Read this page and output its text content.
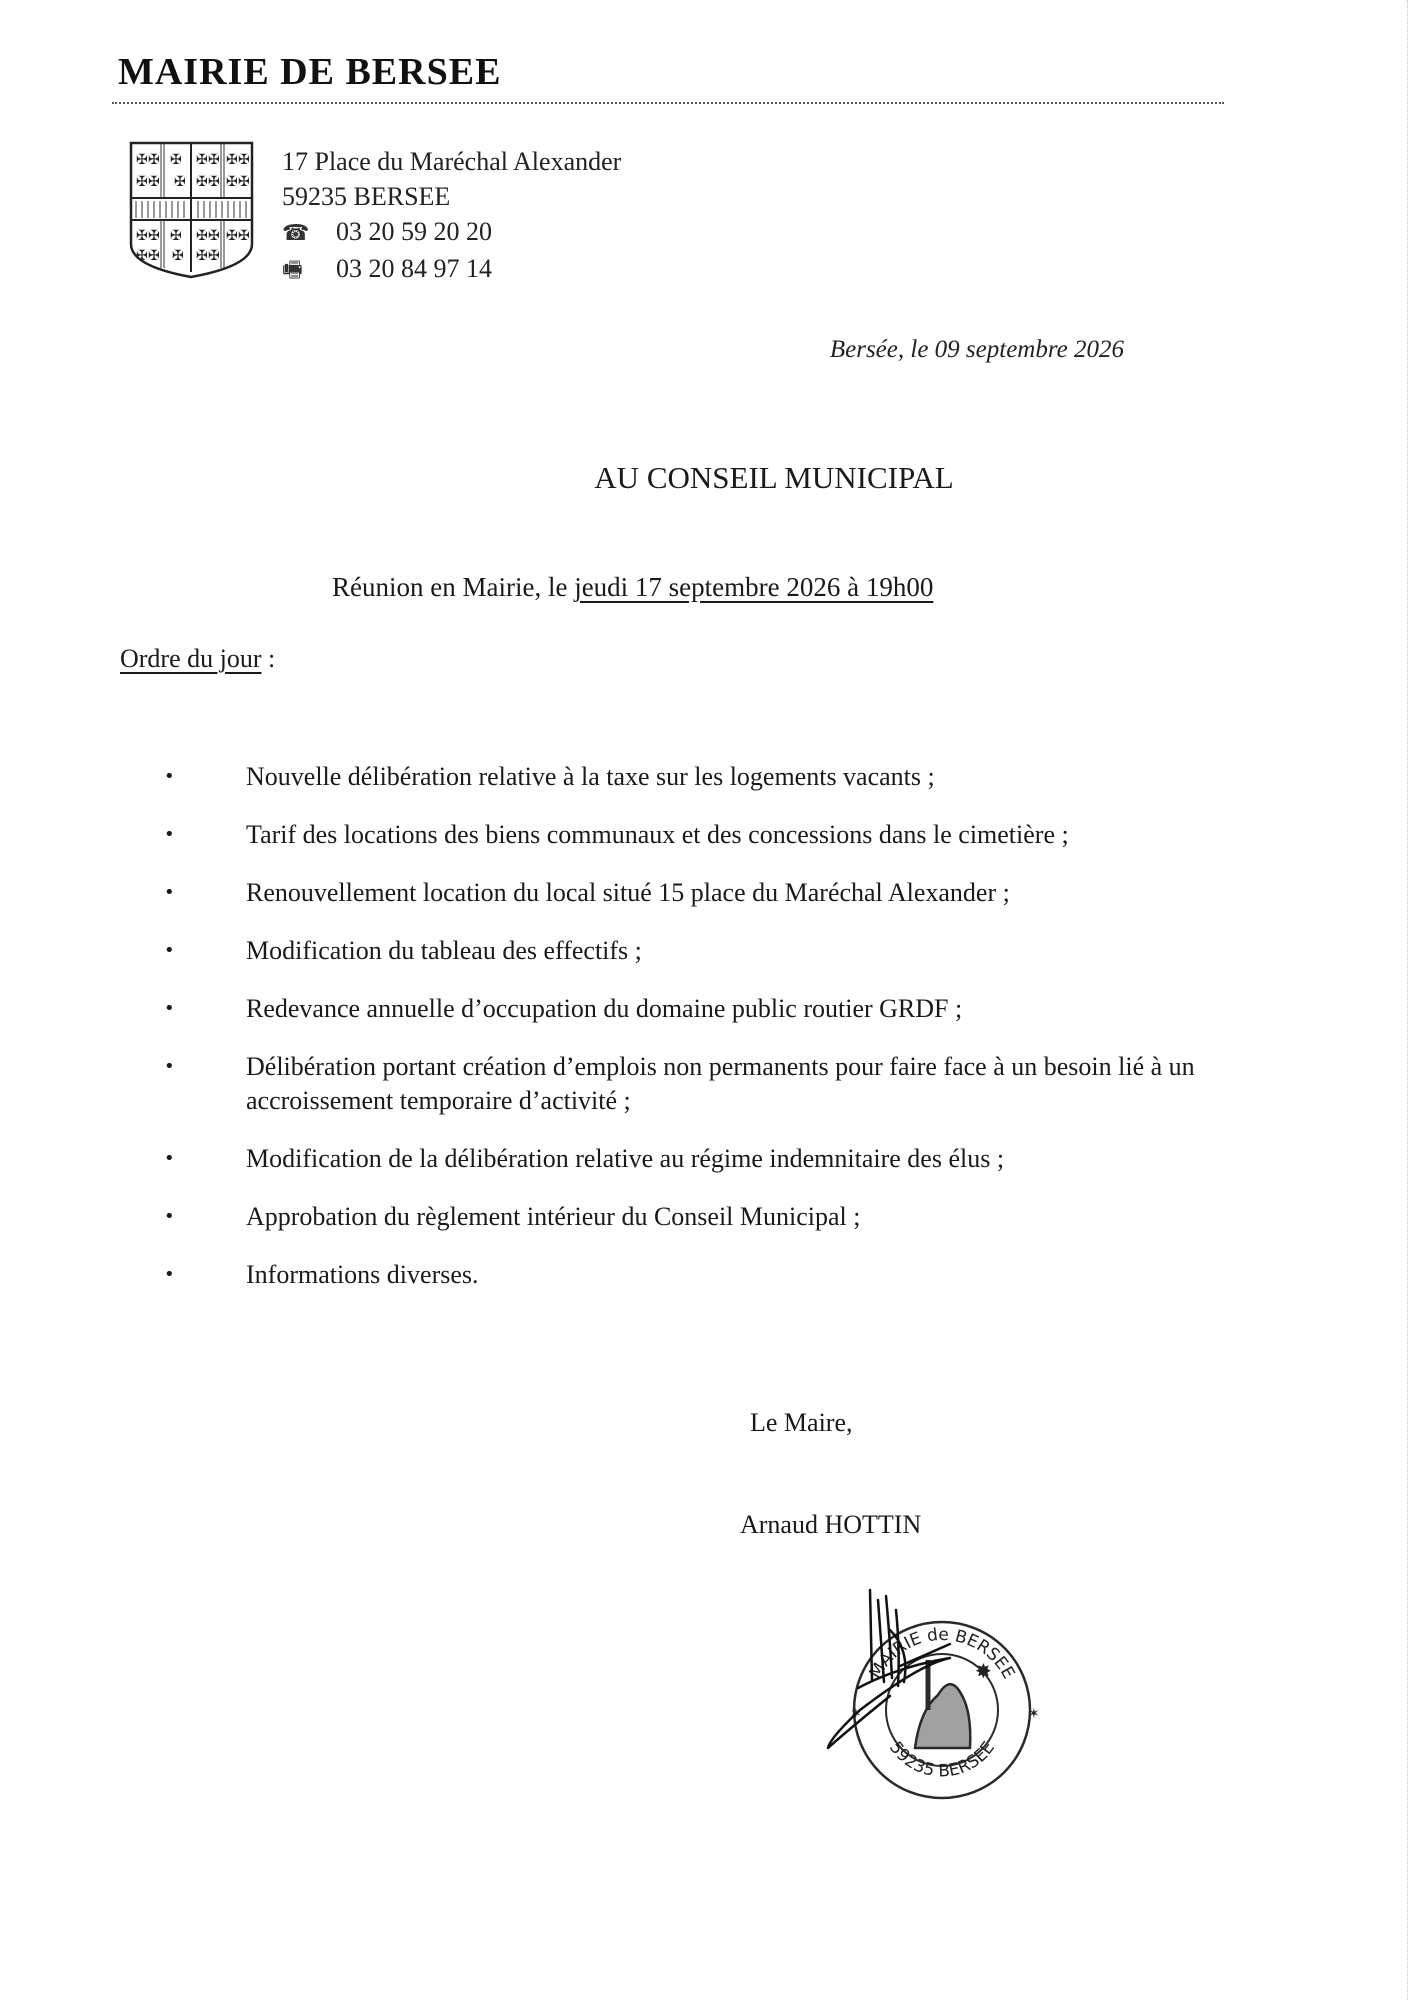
MAIRIE DE BERSEE
✠ ✠
✠ ✠
✠ ✠
✠ ✠
✠ ✠
✠ ✠
✠ ✠
✠ ✠
✠ ✠
✠ ✠
✠ ✠
✠
✠
✠
✠
17 Place du Maréchal Alexander
59235 BERSEE
☎ 03 20 59 20 20
🖷 03 20 84 97 14
Bersée, le 09 septembre 2026
AU CONSEIL MUNICIPAL
Réunion en Mairie, le jeudi 17 septembre 2026 à 19h00
Ordre du jour :
•	Nouvelle délibération relative à la taxe sur les logements vacants ;
•	Tarif des locations des biens communaux et des concessions dans le cimetière ;
•	Renouvellement location du local situé 15 place du Maréchal Alexander ;
•	Modification du tableau des effectifs ;
•	Redevance annuelle d’occupation du domaine public routier GRDF ;
•	Délibération portant création d’emplois non permanents pour faire face à un besoin lié à un accroissement temporaire d’activité ;
•	Modification de la délibération relative au régime indemnitaire des élus ;
•	Approbation du règlement intérieur du Conseil Municipal ;
•	Informations diverses.
Le Maire,
Arnaud HOTTIN
✸
✶	✶
MAIRIE de BERSEE
59235 BERSEE
